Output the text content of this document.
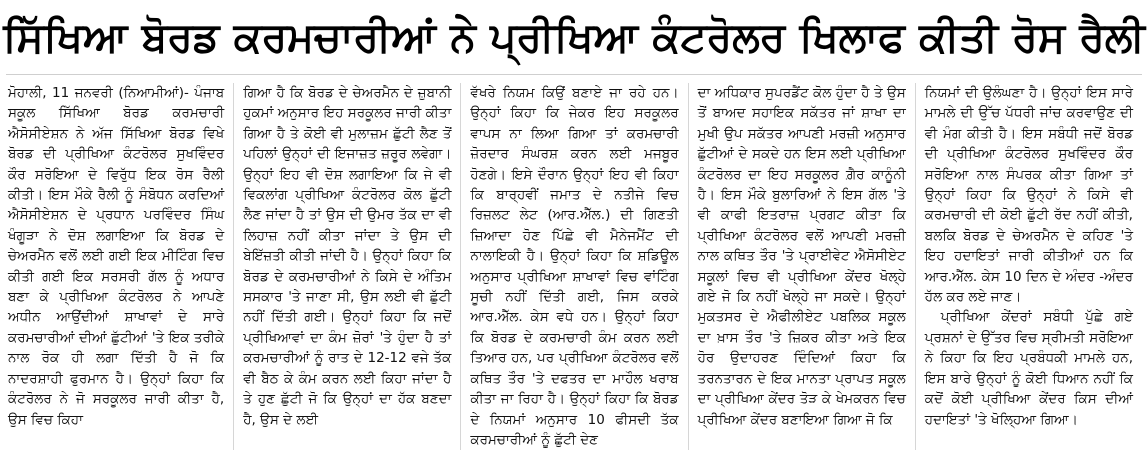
ਸਿੱਖਿਆ ਬੋਰਡ ਕਰਮਚਾਰੀਆਂ ਨੇ ਪ੍ਰੀਖਿਆ ਕੰਟਰੋਲਰ ਖਿਲਾਫ ਕੀਤੀ ਰੋਸ ਰੈਲੀ

ਮੋਹਾਲੀ, 11 ਜਨਵਰੀ (ਨਿਆਮੀਆਂ)- ਪੰਜਾਬ ਸਕੂਲ ਸਿੱਖਿਆ ਬੋਰਡ ਕਰਮਚਾਰੀ ਐਸੋਸੀਏਸ਼ਨ ਨੇ ਅੱਜ ਸਿੱਖਿਆ ਬੋਰਡ ਵਿਖੇ ਬੋਰਡ ਦੀ ਪ੍ਰੀਖਿਆ ਕੰਟਰੋਲਰ ਸੁਖਵਿੰਦਰ ਕੌਰ ਸਰੋਇਆ ਦੇ ਵਿਰੁੱਧ ਇਕ ਰੋਸ ਰੈਲੀ ਕੀਤੀ। ਇਸ ਮੌਕੇ ਰੈਲੀ ਨੂੰ ਸੰਬੋਧਨ ਕਰਦਿਆਂ ਐਸੋਸੀਏਸ਼ਨ ਦੇ ਪ੍ਰਧਾਨ ਪਰਵਿੰਦਰ ਸਿੰਘ ਖੰਗੂੜਾ ਨੇ ਦੋਸ਼ ਲਗਾਇਆ ਕਿ ਬੋਰਡ ਦੇ ਚੇਅਰਮੈਨ ਵਲੋਂ ਲਈ ਗਈ ਇਕ ਮੀਟਿੰਗ ਵਿਚ ਕੀਤੀ ਗਈ ਇਕ ਸਰਸਰੀ ਗੱਲ ਨੂੰ ਅਧਾਰ ਬਣਾ ਕੇ ਪ੍ਰੀਖਿਆ ਕੰਟਰੋਲਰ ਨੇ ਆਪਣੇ ਅਧੀਨ ਆਉਂਦੀਆਂ ਸ਼ਾਖਾਵਾਂ ਦੇ ਸਾਰੇ ਕਰਮਚਾਰੀਆਂ ਦੀਆਂ ਛੁੱਟੀਆਂ 'ਤੇ ਇਕ ਤਰੀਕੇ ਨਾਲ ਰੋਕ ਹੀ ਲਗਾ ਦਿੱਤੀ ਹੈ ਜੋ ਕਿ ਨਾਦਰਸ਼ਾਹੀ ਫੁਰਮਾਨ ਹੈ। ਉਨ੍ਹਾਂ ਕਿਹਾ ਕਿ ਕੰਟਰੋਲਰ ਨੇ ਜੋ ਸਰਕੂਲਰ ਜਾਰੀ ਕੀਤਾ ਹੈ, ਉਸ ਵਿਚ ਕਿਹਾ

ਗਿਆ ਹੈ ਕਿ ਬੋਰਡ ਦੇ ਚੇਅਰਮੈਨ ਦੇ ਜ਼ੁਬਾਨੀ ਹੁਕਮਾਂ ਅਨੁਸਾਰ ਇਹ ਸਰਕੂਲਰ ਜਾਰੀ ਕੀਤਾ ਗਿਆ ਹੈ ਤੇ ਕੋਈ ਵੀ ਮੁਲਾਜ਼ਮ ਛੁੱਟੀ ਲੈਣ ਤੋਂ ਪਹਿਲਾਂ ਉਨ੍ਹਾਂ ਦੀ ਇਜਾਜ਼ਤ ਜ਼ਰੂਰ ਲਵੇਗਾ। ਉਨ੍ਹਾਂ ਇਹ ਵੀ ਦੋਸ਼ ਲਗਾਇਆ ਕਿ ਜੇ ਵੀ ਵਿਕਲਾਂਗ ਪ੍ਰੀਖਿਆ ਕੰਟਰੋਲਰ ਕੋਲ ਛੁੱਟੀ ਲੈਣ ਜਾਂਦਾ ਹੈ ਤਾਂ ਉਸ ਦੀ ਉਮਰ ਤੱਕ ਦਾ ਵੀ ਲਿਹਾਜ਼ ਨਹੀਂ ਕੀਤਾ ਜਾਂਦਾ ਤੇ ਉਸ ਦੀ ਬੇਇੱਜ਼ਤੀ ਕੀਤੀ ਜਾਂਦੀ ਹੈ। ਉਨ੍ਹਾਂ ਕਿਹਾ ਕਿ ਬੋਰਡ ਦੇ ਕਰਮਚਾਰੀਆਂ ਨੇ ਕਿਸੇ ਦੇ ਅੰਤਿਮ ਸਸਕਾਰ 'ਤੇ ਜਾਣਾ ਸੀ, ਉਸ ਲਈ ਵੀ ਛੁੱਟੀ ਨਹੀਂ ਦਿੱਤੀ ਗਈ। ਉਨ੍ਹਾਂ ਕਿਹਾ ਕਿ ਜਦੋਂ ਪ੍ਰੀਖਿਆਵਾਂ ਦਾ ਕੰਮ ਜ਼ੋਰਾਂ 'ਤੇ ਹੁੰਦਾ ਹੈ ਤਾਂ ਕਰਮਚਾਰੀਆਂ ਨੂੰ ਰਾਤ ਦੇ 12-12 ਵਜੇ ਤੱਕ ਵੀ ਬੈਠ ਕੇ ਕੰਮ ਕਰਨ ਲਈ ਕਿਹਾ ਜਾਂਦਾ ਹੈ ਤੇ ਹੁਣ ਛੁੱਟੀ ਜੋ ਕਿ ਉਨ੍ਹਾਂ ਦਾ ਹੱਕ ਬਣਦਾ ਹੈ, ਉਸ ਦੇ ਲਈ

ਵੱਖਰੇ ਨਿਯਮ ਕਿਉਂ ਬਣਾਏ ਜਾ ਰਹੇ ਹਨ। ਉਨ੍ਹਾਂ ਕਿਹਾ ਕਿ ਜੇਕਰ ਇਹ ਸਰਕੂਲਰ ਵਾਪਸ ਨਾ ਲਿਆ ਗਿਆ ਤਾਂ ਕਰਮਚਾਰੀ ਜ਼ੋਰਦਾਰ ਸੰਘਰਸ਼ ਕਰਨ ਲਈ ਮਜਬੂਰ ਹੋਣਗੇ। ਇਸੇ ਦੌਰਾਨ ਉਨ੍ਹਾਂ ਇਹ ਵੀ ਕਿਹਾ ਕਿ ਬਾਰ੍ਹਵੀਂ ਜਮਾਤ ਦੇ ਨਤੀਜੇ ਵਿਚ ਰਿਜ਼ਲਟ ਲੇਟ (ਆਰ.ਐੱਲ.) ਦੀ ਗਿਣਤੀ ਜ਼ਿਆਦਾ ਹੋਣ ਪਿੱਛੇ ਵੀ ਮੈਨੇਜਮੈਂਟ ਦੀ ਨਾਲਾਇਕੀ ਹੈ। ਉਨ੍ਹਾਂ ਕਿਹਾ ਕਿ ਸ਼ਡਿਊਲ ਅਨੁਸਾਰ ਪ੍ਰੀਖਿਆ ਸ਼ਾਖਾਵਾਂ ਵਿਚ ਵਾਂਟਿੰਗ ਸੂਚੀ ਨਹੀਂ ਦਿੱਤੀ ਗਈ, ਜਿਸ ਕਰਕੇ ਆਰ.ਐੱਲ. ਕੇਸ ਵਧੇ ਹਨ। ਉਨ੍ਹਾਂ ਕਿਹਾ ਕਿ ਬੋਰਡ ਦੇ ਕਰਮਚਾਰੀ ਕੰਮ ਕਰਨ ਲਈ ਤਿਆਰ ਹਨ, ਪਰ ਪ੍ਰੀਖਿਆ ਕੰਟਰੋਲਰ ਵਲੋਂ ਕਥਿਤ ਤੌਰ 'ਤੇ ਦਫਤਰ ਦਾ ਮਾਹੌਲ ਖਰਾਬ ਕੀਤਾ ਜਾ ਰਿਹਾ ਹੈ। ਉਨ੍ਹਾਂ ਕਿਹਾ ਕਿ ਬੋਰਡ ਦੇ ਨਿਯਮਾਂ ਅਨੁਸਾਰ 10 ਫੀਸਦੀ ਤੱਕ ਕਰਮਚਾਰੀਆਂ ਨੂੰ ਛੁੱਟੀ ਦੇਣ

ਦਾ ਅਧਿਕਾਰ ਸੁਪਰਡੈਂਟ ਕੋਲ ਹੁੰਦਾ ਹੈ ਤੇ ਉਸ ਤੋਂ ਬਾਅਦ ਸਹਾਇਕ ਸਕੱਤਰ ਜਾਂ ਸ਼ਾਖਾ ਦਾ ਮੁਖੀ ਉਪ ਸਕੱਤਰ ਆਪਣੀ ਮਰਜ਼ੀ ਅਨੁਸਾਰ ਛੁੱਟੀਆਂ ਦੇ ਸਕਦੇ ਹਨ ਇਸ ਲਈ ਪ੍ਰੀਖਿਆ ਕੰਟਰੋਲਰ ਦਾ ਇਹ ਸਰਕੂਲਰ ਗ਼ੈਰ ਕਾਨੂੰਨੀ ਹੈ। ਇਸ ਮੌਕੇ ਬੁਲਾਰਿਆਂ ਨੇ ਇਸ ਗੱਲ 'ਤੇ ਵੀ ਕਾਫੀ ਇਤਰਾਜ਼ ਪ੍ਰਗਟ ਕੀਤਾ ਕਿ ਪ੍ਰੀਖਿਆ ਕੰਟਰੋਲਰ ਵਲੋਂ ਆਪਣੀ ਮਰਜ਼ੀ ਨਾਲ ਕਥਿਤ ਤੌਰ 'ਤੇ ਪ੍ਰਾਈਵੇਟ ਐਸੋਸੀਏਟ ਸਕੂਲਾਂ ਵਿਚ ਵੀ ਪ੍ਰੀਖਿਆ ਕੇਂਦਰ ਖੋਲ੍ਹੇ ਗਏ ਜੋ ਕਿ ਨਹੀਂ ਖੋਲ੍ਹੇ ਜਾ ਸਕਦੇ। ਉਨ੍ਹਾਂ ਮੁਕਤਸਰ ਦੇ ਐਫੀਲੀਏਟ ਪਬਲਿਕ ਸਕੂਲ ਦਾ ਖ਼ਾਸ ਤੌਰ 'ਤੇ ਜ਼ਿਕਰ ਕੀਤਾ ਅਤੇ ਇਕ ਹੋਰ ਉਦਾਹਰਣ ਦਿੰਦਿਆਂ ਕਿਹਾ ਕਿ ਤਰਨਤਾਰਨ ਦੇ ਇਕ ਮਾਨਤਾ ਪ੍ਰਾਪਤ ਸਕੂਲ ਦਾ ਪ੍ਰੀਖਿਆ ਕੇਂਦਰ ਤੋੜ ਕੇ ਖੇਮਕਰਨ ਵਿਚ ਪ੍ਰੀਖਿਆ ਕੇਂਦਰ ਬਣਾਇਆ ਗਿਆ ਜੋ ਕਿ

ਨਿਯਮਾਂ ਦੀ ਉਲੰਘਣਾ ਹੈ। ਉਨ੍ਹਾਂ ਇਸ ਸਾਰੇ ਮਾਮਲੇ ਦੀ ਉੱਚ ਪੱਧਰੀ ਜਾਂਚ ਕਰਵਾਉਣ ਦੀ ਵੀ ਮੰਗ ਕੀਤੀ ਹੈ। ਇਸ ਸਬੰਧੀ ਜਦੋਂ ਬੋਰਡ ਦੀ ਪ੍ਰੀਖਿਆ ਕੰਟਰੋਲਰ ਸੁਖਵਿੰਦਰ ਕੌਰ ਸਰੋਇਆ ਨਾਲ ਸੰਪਰਕ ਕੀਤਾ ਗਿਆ ਤਾਂ ਉਨ੍ਹਾਂ ਕਿਹਾ ਕਿ ਉਨ੍ਹਾਂ ਨੇ ਕਿਸੇ ਵੀ ਕਰਮਚਾਰੀ ਦੀ ਕੋਈ ਛੁੱਟੀ ਰੱਦ ਨਹੀਂ ਕੀਤੀ, ਬਲਕਿ ਬੋਰਡ ਦੇ ਚੇਅਰਮੈਨ ਦੇ ਕਹਿਣ 'ਤੇ ਇਹ ਹਦਾਇਤਾਂ ਜਾਰੀ ਕੀਤੀਆਂ ਹਨ ਕਿ ਆਰ.ਐੱਲ. ਕੇਸ 10 ਦਿਨ ਦੇ ਅੰਦਰ -ਅੰਦਰ ਹੱਲ ਕਰ ਲਏ ਜਾਣ।

ਪ੍ਰੀਖਿਆ ਕੇਂਦਰਾਂ ਸਬੰਧੀ ਪੁੱਛੇ ਗਏ ਪ੍ਰਸ਼ਨਾਂ ਦੇ ਉੱਤਰ ਵਿਚ ਸ੍ਰੀਮਤੀ ਸਰੋਇਆ ਨੇ ਕਿਹਾ ਕਿ ਇਹ ਪ੍ਰਬੰਧਕੀ ਮਾਮਲੇ ਹਨ, ਇਸ ਬਾਰੇ ਉਨ੍ਹਾਂ ਨੂੰ ਕੋਈ ਧਿਆਨ ਨਹੀਂ ਕਿ ਕਦੋਂ ਕੋਈ ਪ੍ਰੀਖਿਆ ਕੇਂਦਰ ਕਿਸ ਦੀਆਂ ਹਦਾਇਤਾਂ 'ਤੇ ਖੋਲ੍ਹਿਆ ਗਿਆ।
